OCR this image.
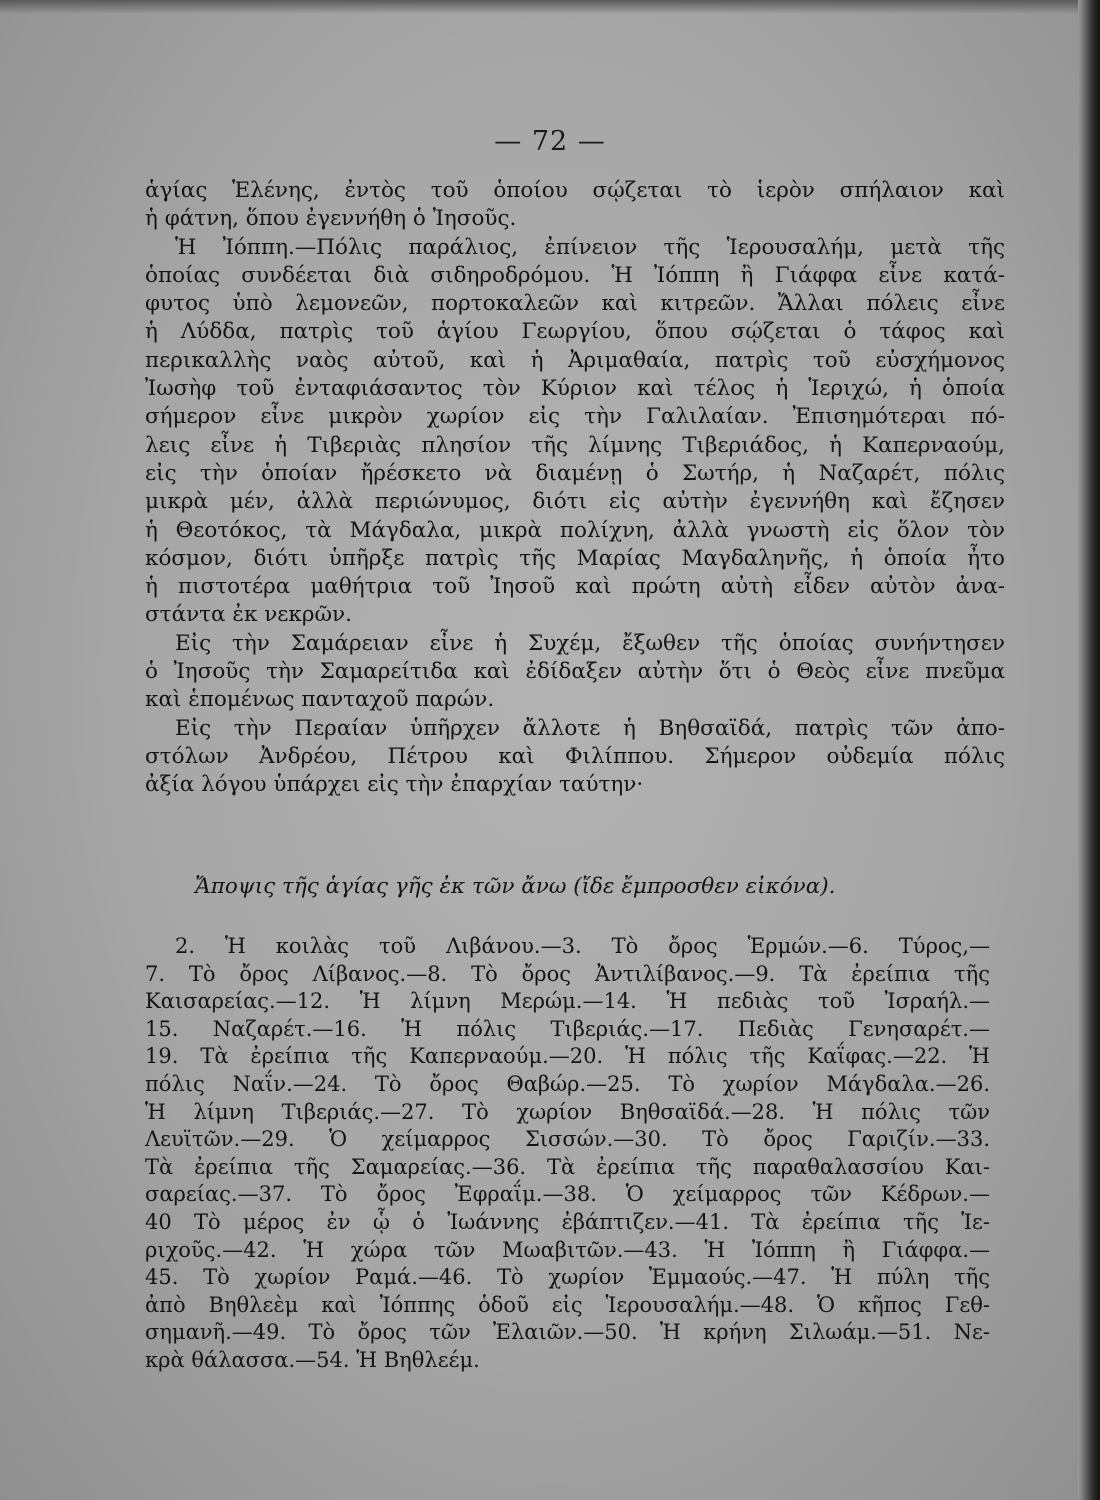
— 72 —
ἁγίας Ἑλένης, ἐντὸς τοῦ ὁποίου σῴζεται τὸ ἱερὸν σπήλαιον καὶ
ἡ φάτνη, ὅπου ἐγεννήθη ὁ Ἰησοῦς.
Ἡ Ἰόππη.—Πόλις παράλιος, ἐπίνειον τῆς Ἱερουσαλήμ, μετὰ τῆς
ὁποίας συνδέεται διὰ σιδηροδρόμου. Ἡ Ἰόππη ἢ Γιάφφα εἶνε κατά-
φυτος ὑπὸ λεμονεῶν, πορτοκαλεῶν καὶ κιτρεῶν. Ἄλλαι πόλεις εἶνε
ἡ Λύδδα, πατρὶς τοῦ ἁγίου Γεωργίου, ὅπου σῴζεται ὁ τάφος καὶ
περικαλλὴς ναὸς αὐτοῦ, καὶ ἡ Ἀριμαθαία, πατρὶς τοῦ εὐσχήμονος
Ἰωσὴφ τοῦ ἐνταφιάσαντος τὸν Κύριον καὶ τέλος ἡ Ἱεριχώ, ἡ ὁποία
σήμερον εἶνε μικρὸν χωρίον εἰς τὴν Γαλιλαίαν. Ἐπισημότεραι πό-
λεις εἶνε ἡ Τιβεριὰς πλησίον τῆς λίμνης Τιβεριάδος, ἡ Καπερναούμ,
εἰς τὴν ὁποίαν ἤρέσκετο νὰ διαμένῃ ὁ Σωτήρ, ἡ Ναζαρέτ, πόλις
μικρὰ μέν, ἀλλὰ περιώνυμος, διότι εἰς αὐτὴν ἐγεννήθη καὶ ἔζησεν
ἡ Θεοτόκος, τὰ Μάγδαλα, μικρὰ πολίχνη, ἀλλὰ γνωστὴ εἰς ὅλον τὸν
κόσμον, διότι ὑπῆρξε πατρὶς τῆς Μαρίας Μαγδαληνῆς, ἡ ὁποία ἦτο
ἡ πιστοτέρα μαθήτρια τοῦ Ἰησοῦ καὶ πρώτη αὐτὴ εἶδεν αὐτὸν ἀνα-
στάντα ἐκ νεκρῶν.
Εἰς τὴν Σαμάρειαν εἶνε ἡ Συχέμ, ἔξωθεν τῆς ὁποίας συνήντησεν
ὁ Ἰησοῦς τὴν Σαμαρείτιδα καὶ ἐδίδαξεν αὐτὴν ὅτι ὁ Θεὸς εἶνε πνεῦμα
καὶ ἑπομένως πανταχοῦ παρών.
Εἰς τὴν Περαίαν ὑπῆρχεν ἄλλοτε ἡ Βηθσαϊδά, πατρὶς τῶν ἀπο-
στόλων Ἀνδρέου, Πέτρου καὶ Φιλίππου. Σήμερον οὐδεμία πόλις
ἀξία λόγου ὑπάρχει εἰς τὴν ἐπαρχίαν ταύτην·
Ἄποψις τῆς ἁγίας γῆς ἐκ τῶν ἄνω (ἴδε ἔμπροσθεν εἰκόνα).
2. Ἡ κοιλὰς τοῦ Λιβάνου.—3. Τὸ ὄρος Ἑρμών.—6. Τύρος,—
7. Τὸ ὄρος Λίβανος.—8. Τὸ ὄρος Ἀντιλίβανος.—9. Τὰ ἐρείπια τῆς
Καισαρείας.—12. Ἡ λίμνη Μερώμ.—14. Ἡ πεδιὰς τοῦ Ἰσραήλ.—
15. Ναζαρέτ.—16. Ἡ πόλις Τιβεριάς.—17. Πεδιὰς Γενησαρέτ.—
19. Τὰ ἐρείπια τῆς Καπερναούμ.—20. Ἡ πόλις τῆς Καΐφας.—22. Ἡ
πόλις Ναΐν.—24. Τὸ ὄρος Θαβώρ.—25. Τὸ χωρίον Μάγδαλα.—26.
Ἡ λίμνη Τιβεριάς.—27. Τὸ χωρίον Βηθσαϊδά.—28. Ἡ πόλις τῶν
Λευϊτῶν.—29. Ὁ χείμαρρος Σισσών.—30. Τὸ ὄρος Γαριζίν.—33.
Τὰ ἐρείπια τῆς Σαμαρείας.—36. Τὰ ἐρείπια τῆς παραθαλασσίου Και-
σαρείας.—37. Τὸ ὄρος Ἐφραΐμ.—38. Ὁ χείμαρρος τῶν Κέδρων.—
40 Τὸ μέρος ἐν ᾧ ὁ Ἰωάννης ἐβάπτιζεν.—41. Τὰ ἐρείπια τῆς Ἱε-
ριχοῦς.—42. Ἡ χώρα τῶν Μωαβιτῶν.—43. Ἡ Ἰόππη ἢ Γιάφφα.—
45. Τὸ χωρίον Ραμά.—46. Τὸ χωρίον Ἐμμαούς.—47. Ἡ πύλη τῆς
ἀπὸ Βηθλεὲμ καὶ Ἰόππης ὁδοῦ εἰς Ἱερουσαλήμ.—48. Ὁ κῆπος Γεθ-
σημανῆ.—49. Τὸ ὄρος τῶν Ἐλαιῶν.—50. Ἡ κρήνη Σιλωάμ.—51. Νε-
κρὰ θάλασσα.—54. Ἡ Βηθλεέμ.
